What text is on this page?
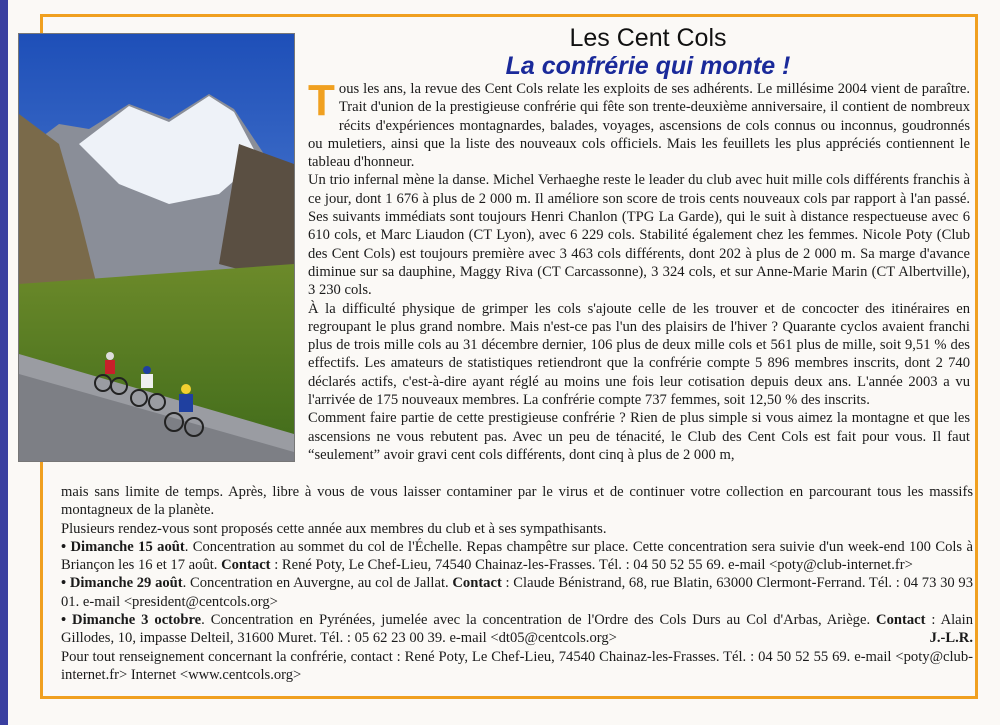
Les Cent Cols
La confrérie qui monte !

Tous les ans, la revue des Cent Cols relate les exploits de ses adhérents. Le millésime 2004 vient de paraître. Trait d'union de la prestigieuse confrérie qui fête son trente-deuxième anniversaire, il contient de nombreux récits d'expériences montagnardes, balades, voyages, ascensions de cols connus ou inconnus, goudronnés ou muletiers, ainsi que la liste des nouveaux cols officiels. Mais les feuillets les plus appréciés contiennent le tableau d'honneur.

Un trio infernal mène la danse. Michel Verhaeghe reste le leader du club avec huit mille cols différents franchis à ce jour, dont 1 676 à plus de 2 000 m. Il améliore son score de trois cents nouveaux cols par rapport à l'an passé. Ses suivants immédiats sont toujours Henri Chanlon (TPG La Garde), qui le suit à distance respectueuse avec 6 610 cols, et Marc Liaudon (CT Lyon), avec 6 229 cols. Stabilité également chez les femmes. Nicole Poty (Club des Cent Cols) est toujours première avec 3 463 cols différents, dont 202 à plus de 2 000 m. Sa marge d'avance diminue sur sa dauphine, Maggy Riva (CT Carcassonne), 3 324 cols, et sur Anne-Marie Marin (CT Albertville), 3 230 cols.

À la difficulté physique de grimper les cols s'ajoute celle de les trouver et de concocter des itinéraires en regroupant le plus grand nombre. Mais n'est-ce pas l'un des plaisirs de l'hiver ? Quarante cyclos avaient franchi plus de trois mille cols au 31 décembre dernier, 106 plus de deux mille cols et 561 plus de mille, soit 9,51 % des effectifs. Les amateurs de statistiques retiendront que la confrérie compte 5 896 membres inscrits, dont 2 740 déclarés actifs, c'est-à-dire ayant réglé au moins une fois leur cotisation depuis deux ans. L'année 2003 a vu l'arrivée de 175 nouveaux membres. La confrérie compte 737 femmes, soit 12,50 % des inscrits.

Comment faire partie de cette prestigieuse confrérie ? Rien de plus simple si vous aimez la montagne et que les ascensions ne vous rebutent pas. Avec un peu de ténacité, le Club des Cent Cols est fait pour vous. Il faut “seulement” avoir gravi cent cols différents, dont cinq à plus de 2 000 m,

mais sans limite de temps. Après, libre à vous de vous laisser contaminer par le virus et de continuer votre collection en parcourant tous les massifs montagneux de la planète.

Plusieurs rendez-vous sont proposés cette année aux membres du club et à ses sympathisants.

• Dimanche 15 août. Concentration au sommet du col de l'Échelle. Repas champêtre sur place. Cette concentration sera suivie d'un week-end 100 Cols à Briançon les 16 et 17 août. Contact : René Poty, Le Chef-Lieu, 74540 Chainaz-les-Frasses. Tél. : 04 50 52 55 69. e-mail <poty@club-internet.fr>

• Dimanche 29 août. Concentration en Auvergne, au col de Jallat. Contact : Claude Bénistrand, 68, rue Blatin, 63000 Clermont-Ferrand. Tél. : 04 73 30 93 01. e-mail <president@centcols.org>

• Dimanche 3 octobre. Concentration en Pyrénées, jumelée avec la concentration de l'Ordre des Cols Durs au Col d'Arbas, Ariège. Contact : Alain Gillodes, 10, impasse Delteil, 31600 Muret. Tél. : 05 62 23 00 39. e-mail <dt05@centcols.org>	J.-L.R.

Pour tout renseignement concernant la confrérie, contact : René Poty, Le Chef-Lieu, 74540 Chainaz-les-Frasses. Tél. : 04 50 52 55 69. e-mail <poty@club-internet.fr> Internet <www.centcols.org>
